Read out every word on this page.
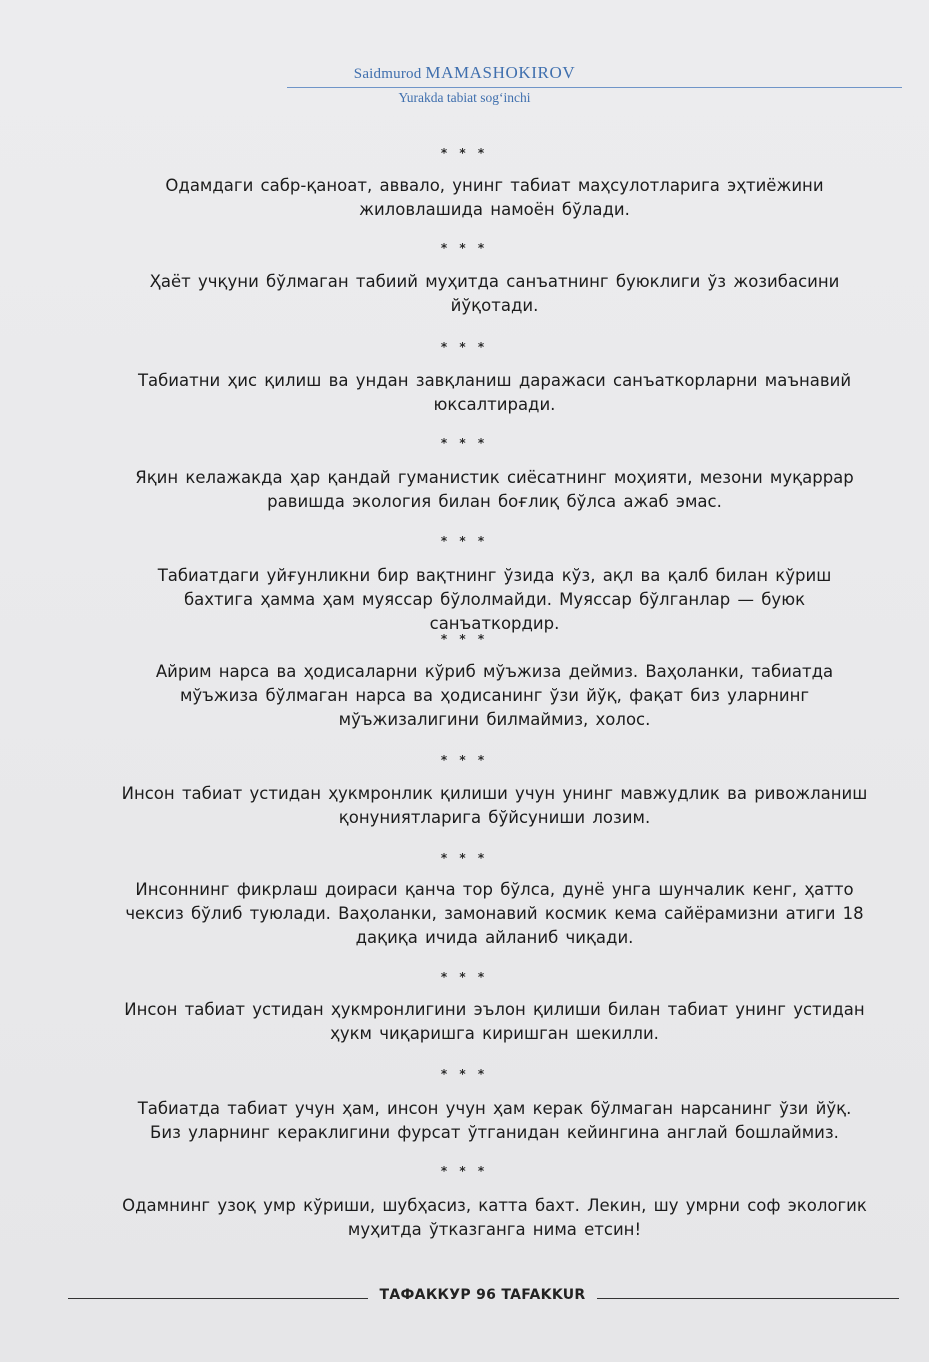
Saidmurod MAMASHOKIROV
Yurakda tabiat sog‘inchi
* * *
Одамдаги сабр-қаноат, аввало, унинг табиат маҳсулотларига эҳтиёжини жиловлашида намоён бўлади.
* * *
Ҳаёт учқуни бўлмаган табиий муҳитда санъатнинг буюклиги ўз жозибасини йўқотади.
* * *
Табиатни ҳис қилиш ва ундан завқланиш даражаси санъаткорларни маънавий юксалтиради.
* * *
Яқин келажакда ҳар қандай гуманистик сиёсатнинг моҳияти, мезони муқаррар равишда экология билан боғлиқ бўлса ажаб эмас.
* * *
Табиатдаги уйғунликни бир вақтнинг ўзида кўз, ақл ва қалб билан кўриш бахтига ҳамма ҳам муяссар бўлолмайди. Муяссар бўлганлар — буюк санъаткордир.
* * *
Айрим нарса ва ҳодисаларни кўриб мўъжиза деймиз. Ваҳоланки, табиатда мўъжиза бўлмаган нарса ва ҳодисанинг ўзи йўқ, фақат биз уларнинг мўъжизалигини билмаймиз, холос.
* * *
Инсон табиат устидан ҳукмронлик қилиши учун унинг мавжудлик ва ривожланиш қонуниятларига бўйсуниши лозим.
* * *
Инсоннинг фикрлаш доираси қанча тор бўлса, дунё унга шунчалик кенг, ҳатто чексиз бўлиб туюлади. Ваҳоланки, замонавий космик кема сайёрамизни атиги 18 дақиқа ичида айланиб чиқади.
* * *
Инсон табиат устидан ҳукмронлигини эълон қилиши билан табиат унинг устидан ҳукм чиқаришга киришган шекилли.
* * *
Табиатда табиат учун ҳам, инсон учун ҳам керак бўлмаган нарсанинг ўзи йўқ. Биз уларнинг кераклигини фурсат ўтганидан кейингина англай бошлаймиз.
* * *
Одамнинг узоқ умр кўриши, шубҳасиз, катта бахт. Лекин, шу умрни соф экологик муҳитда ўтказганга нима етсин!
ТАФАККУР 96 TAFAKKUR
